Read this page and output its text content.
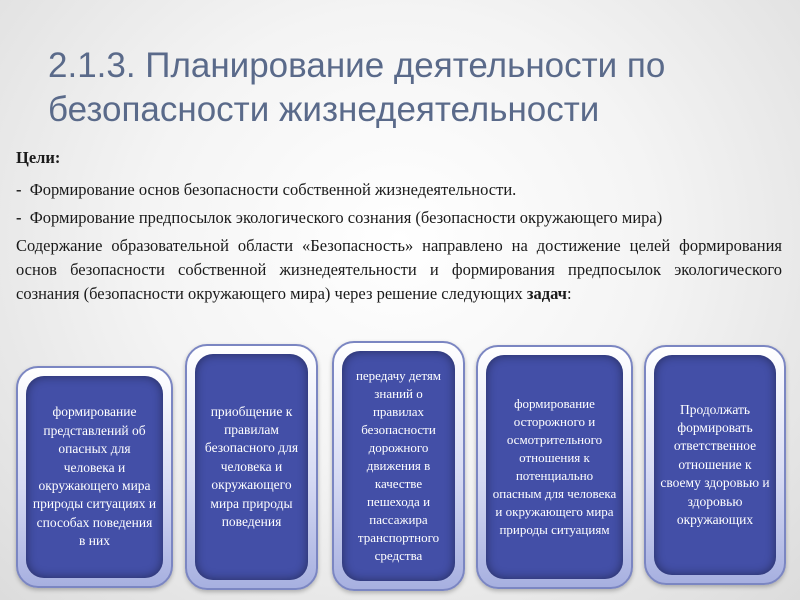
2.1.3. Планирование деятельности по безопасности жизнедеятельности

Цели:

- Формирование основ безопасности собственной жизнедеятельности.

- Формирование предпосылок экологического сознания (безопасности окружающего мира)

Содержание образовательной области «Безопасность» направлено на достижение целей формирования основ безопасности собственной жизнедеятельности и формирования предпосылок экологического сознания (безопасности окружающего мира) через решение следующих задач:

формирование представлений об опасных для человека и окружающего мира природы ситуациях и способах поведения в них
приобщение к правилам безопасного для человека и окружающего мира природы поведения
передачу детям знаний о правилах безопасности дорожного движения в качестве пешехода и пассажира транспортного средства
формирование осторожного и осмотрительного отношения к потенциально опасным для человека и окружающего мира природы ситуациям
Продолжать формировать ответственное отношение к своему здоровью и здоровью окружающих
